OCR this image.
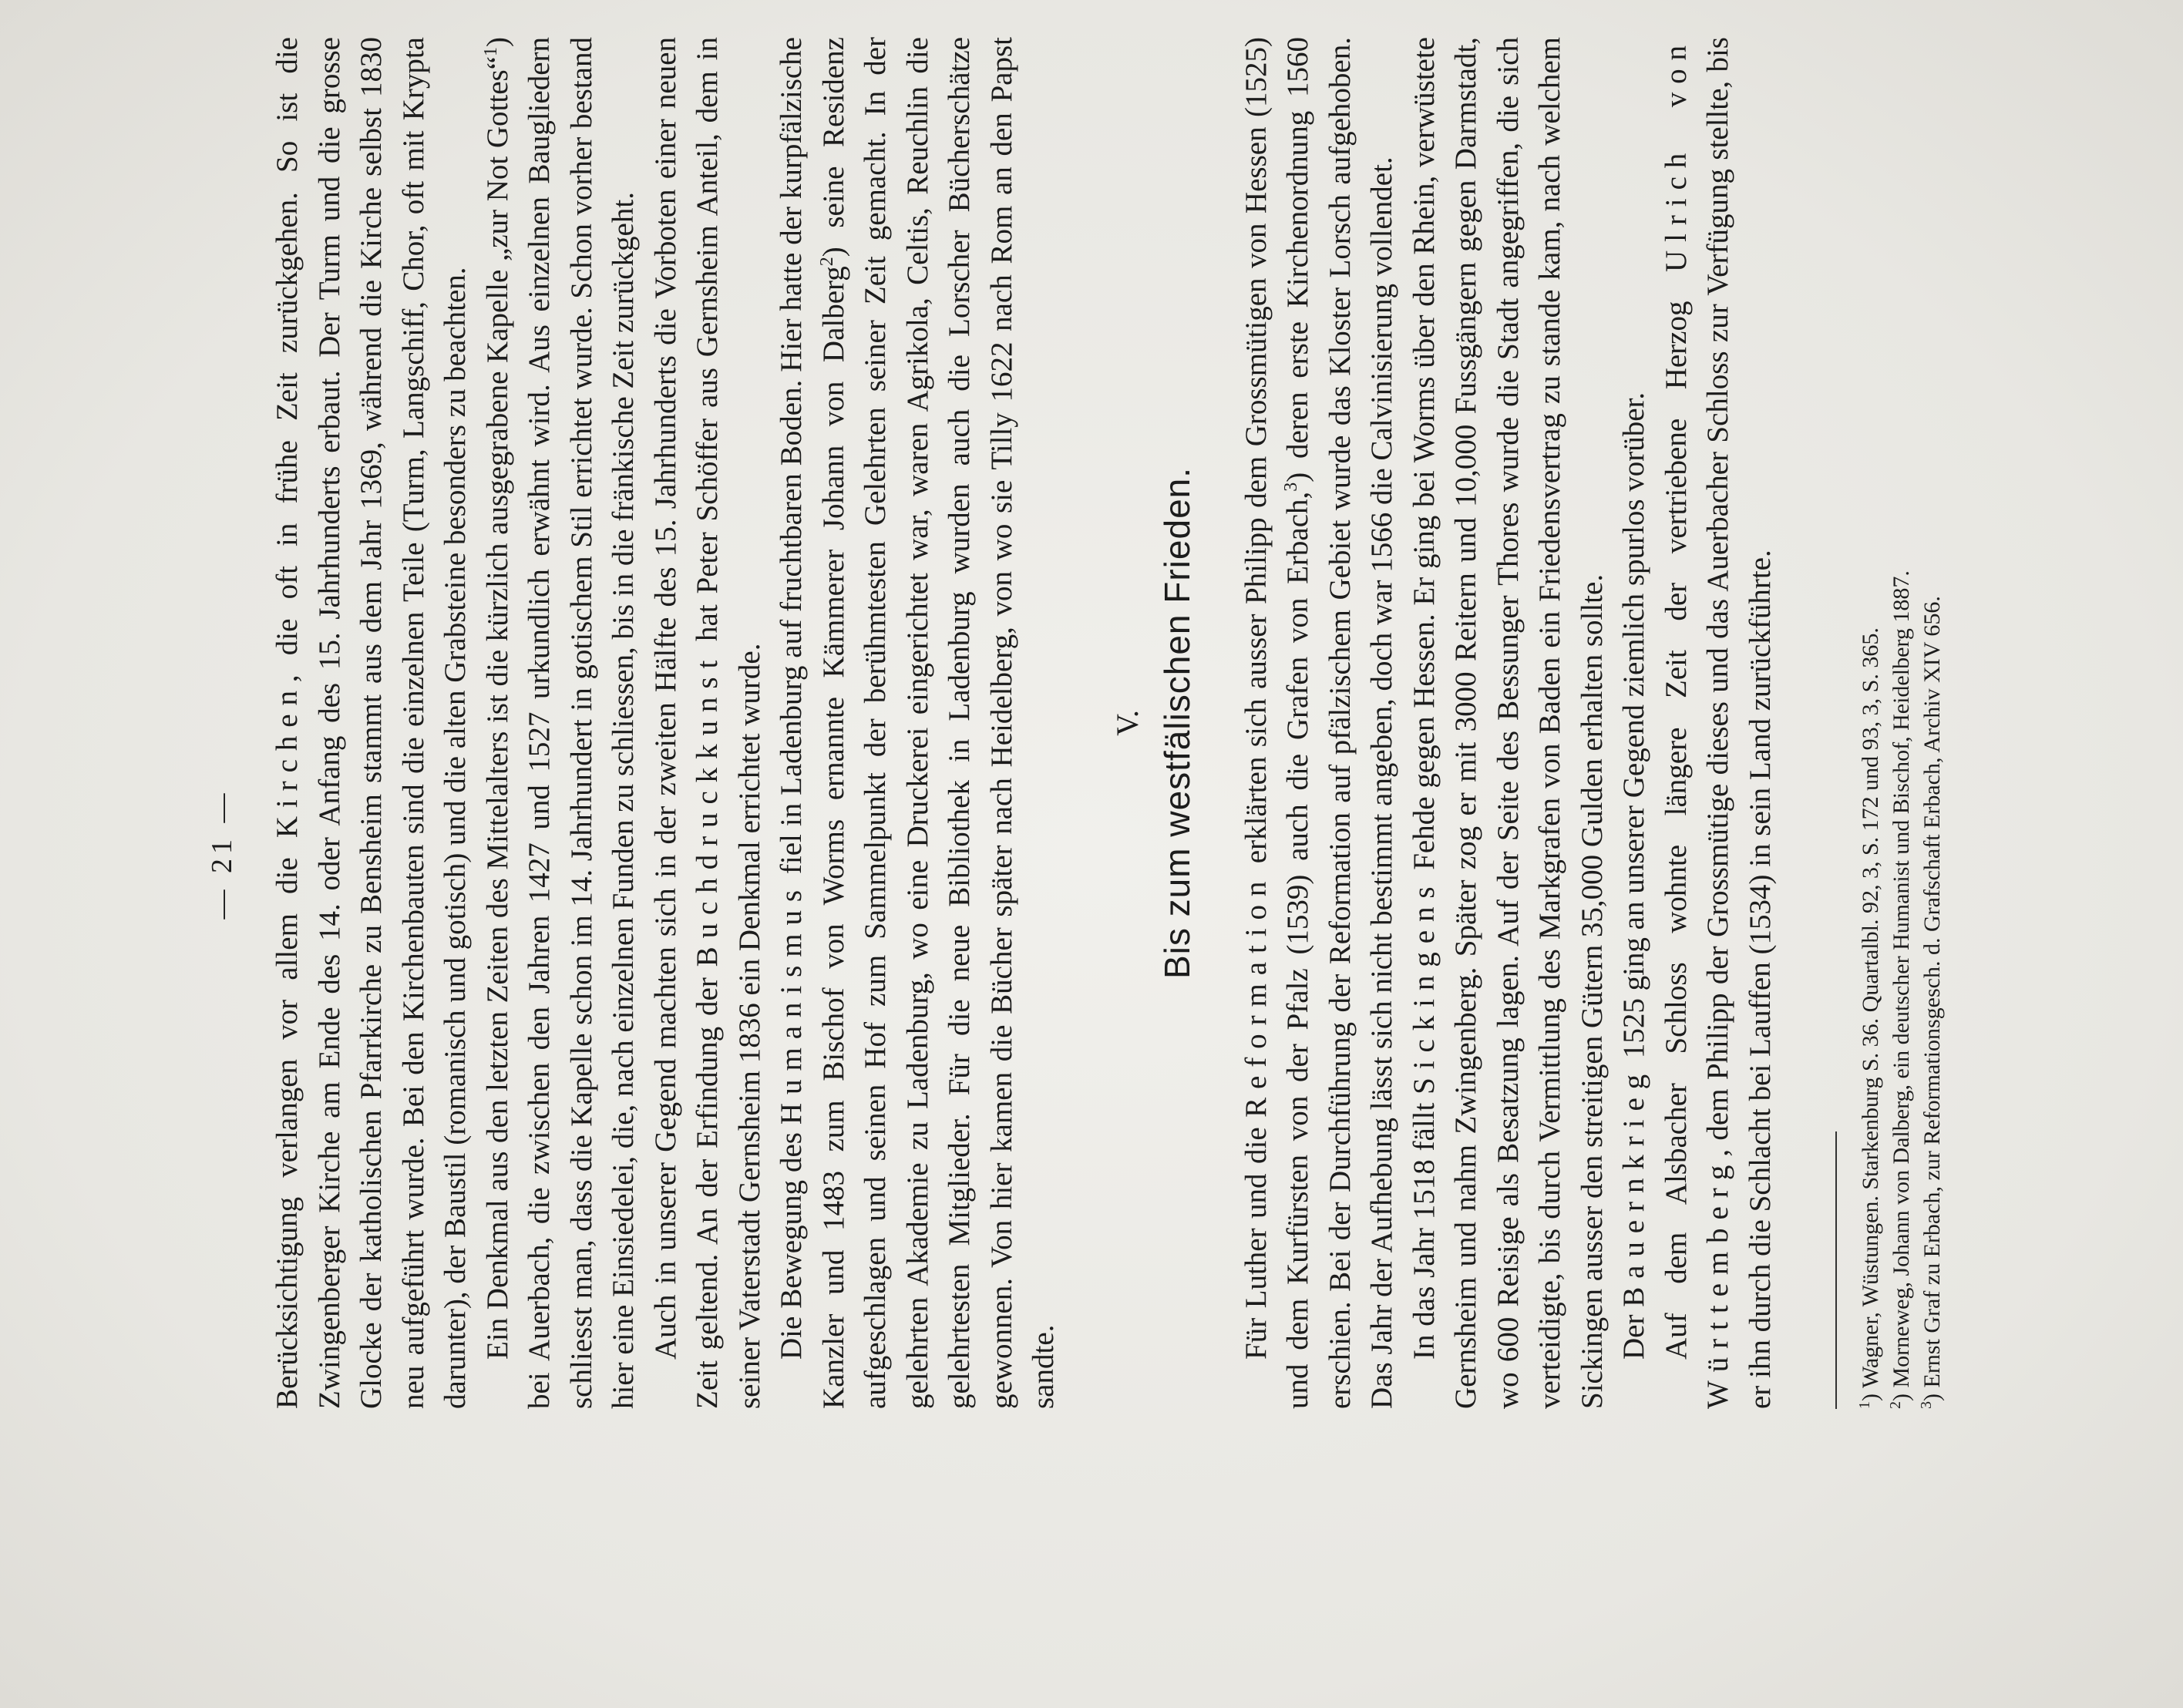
— 21 — Berücksichtigung verlangen vor allem die Kirchen, die oft in frühe Zeit zurückgehen. So ist die Zwingenberger Kirche am Ende des 14. oder Anfang des 15. Jahrhunderts erbaut. Der Turm und die grosse Glocke der katholischen Pfarrkirche zu Bensheim stammt aus dem Jahr 1369, während die Kirche selbst 1830 neu aufgeführt wurde. Bei den Kirchenbauten sind die einzelnen Teile (Turm, Langschiff, Chor, oft mit Krypta darunter), der Baustil (romanisch und gotisch) und die alten Grabsteine besonders zu beachten. Ein Denkmal aus den letzten Zeiten des Mittelalters ist die kürzlich ausgegrabene Kapelle „zur Not Gottes“$^1$) bei Auerbach, die zwischen den Jahren 1427 und 1527 urkundlich erwähnt wird. Aus einzelnen Baugliedern schliesst man, dass die Kapelle schon im 14. Jahrhundert in gotischem Stil errichtet wurde. Schon vorher bestand hier eine Einsiedelei, die, nach einzelnen Funden zu schliessen, bis in die fränkische Zeit zurückgeht. Auch in unserer Gegend machten sich in der zweiten Hälfte des 15. Jahrhunderts die Vorboten einer neuen Zeit geltend. An der Erfindung der Buchdruckkunst hat Peter Schöffer aus Gernsheim Anteil, dem in seiner Vaterstadt Gernsheim 1836 ein Denkmal errichtet wurde. Die Bewegung des Humanismus fiel in Ladenburg auf fruchtbaren Boden. Hier hatte der kurpfälzische Kanzler und 1483 zum Bischof von Worms ernannte Kämmerer Johann von Dalberg$^2$) seine Residenz aufgeschlagen und seinen Hof zum Sammelpunkt der berühmtesten Gelehrten seiner Zeit gemacht. In der gelehrten Akademie zu Ladenburg, wo eine Druckerei eingerichtet war, waren Agrikola, Celtis, Reuchlin die gelehrtesten Mitglieder. Für die neue Bibliothek in Ladenburg wurden auch die Lorscher Bücherschätze gewonnen. Von hier kamen die Bücher später nach Heidelberg, von wo sie Tilly 1622 nach Rom an den Papst sandte.

V. Bis zum westfälischen Frieden.

Für Luther und die Reformation erklärten sich ausser Philipp dem Grossmütigen von Hessen (1525) und dem Kurfürsten von der Pfalz (1539) auch die Grafen von Erbach,$^3$) deren erste Kirchenordnung 1560 erschien. Bei der Durchführung der Reformation auf pfälzischem Gebiet wurde das Kloster Lorsch aufgehoben. Das Jahr der Aufhebung lässt sich nicht bestimmt angeben, doch war 1566 die Calvinisierung vollendet. In das Jahr 1518 fällt Sickingens Fehde gegen Hessen. Er ging bei Worms über den Rhein, verwüstete Gernsheim und nahm Zwingenberg. Später zog er mit 3000 Reitern und 10,000 Fussgängern gegen Darmstadt, wo 600 Reisige als Besatzung lagen. Auf der Seite des Bessunger Thores wurde die Stadt angegriffen, die sich verteidigte, bis durch Vermittlung des Markgrafen von Baden ein Friedensvertrag zu stande kam, nach welchem Sickingen ausser den streitigen Gütern 35,000 Gulden erhalten sollte. Der Bauernkrieg 1525 ging an unserer Gegend ziemlich spurlos vorüber. Auf dem Alsbacher Schloss wohnte längere Zeit der vertriebene Herzog Ulrich von Württemberg, dem Philipp der Grossmütige dieses und das Auerbacher Schloss zur Verfügung stellte, bis er ihn durch die Schlacht bei Lauffen (1534) in sein Land zurückführte.	$^1$) Wagner, Wüstungen. Starkenburg S. 36. Quartalbl. 92, 3, S. 172 und 93, 3, S. 365.

$^2$) Morneweg, Johann von Dalberg, ein deutscher Humanist und Bischof, Heidelberg 1887.

$^3$) Ernst Graf zu Erbach, zur Reformationsgesch. d. Grafschaft Erbach, Archiv XIV 656.
